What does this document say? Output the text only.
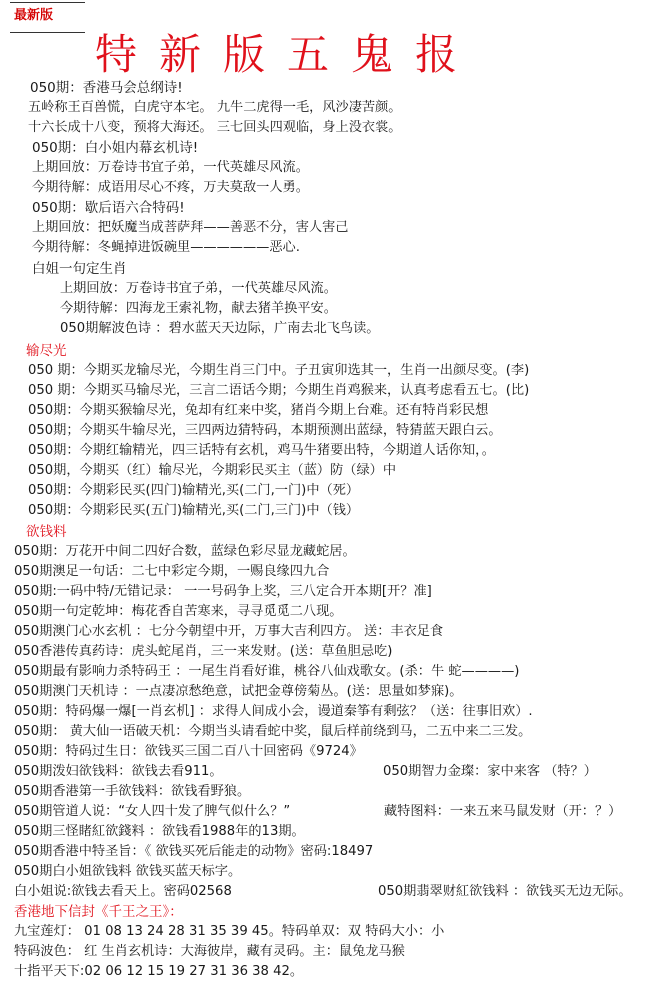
最新版
特新版五鬼报
050期：香港马会总纲诗!
五岭称王百兽慌，白虎守本宅。 九牛二虎得一毛，风沙凄苦颜。
十六长成十八变，预将大海还。 三七回头四观临，身上没衣裳。
050期：白小姐内幕玄机诗!
上期回放：万卷诗书宜子弟，一代英雄尽风流。
今期待解：成语用尽心不疼，万夫莫敌一人勇。
050期：歇后语六合特码!
上期回放：把妖魔当成菩萨拜——善恶不分，害人害己
今期待解：冬蝇掉进饭碗里——————恶心.
白姐一句定生肖
上期回放：万卷诗书宜子弟，一代英雄尽风流。
今期待解：四海龙王索礼物，献去猪羊换平安。
050期解波色诗 ：碧水蓝天天边际，广南去北飞鸟读。
输尽光
050 期：今期买龙输尽光，今期生肖三门中。子丑寅卯选其一，生肖一出颜尽变。(李)
050 期：今期买马输尽光，三言二语话今期；今期生肖鸡猴来，认真考虑看五七。(比)
050期：今期买猴输尽光，兔却有红来中奖，猪肖今期上台难。还有特肖彩民想
050期；今期买牛输尽光，三四两边猜特码，本期预测出蓝绿，特猜蓝天跟白云。
050期：今期红输精光，四三话特有玄机，鸡马牛猪要出特，今期道人话你知，。
050期，今期买（红）输尽光，今期彩民买主（蓝）防（绿）中
050期：今期彩民买(四门)输精光,买(二门,一门)中（死）
050期：今期彩民买(五门)输精光,买(二门,三门)中（钱）
欲钱料
050期：万花开中间二四好合数，蓝绿色彩尽显龙藏蛇居。
050期澳足一句话：二七中彩定今期，一赐良缘四九合
050期:一码中特/无错记录： 一一号码争上奖，三八定合开本期[开？准]
050期一句定乾坤：梅花香自苦寒来，寻寻觅觅二八现。
050期澳门心水玄机 ：七分今朝望中开，万事大吉利四方。 送：丰衣足食
050香港传真药诗：虎头蛇尾肖，三一来发财。(送：草鱼胆忌吃)
050期最有影响力杀特码王 ：一尾生肖看好谁，桃谷八仙戏歌女。(杀：牛 蛇————)
050期澳门天机诗 ：一点凄凉愁绝意，试把金尊傍菊丛。(送：思量如梦寐)。
050期：特码爆一爆[一肖玄机] ：求得人间成小会，谩道秦筝有剩弦？（送：往事旧欢）.
050期： 黄大仙一语破天机：今期当头请看蛇中奖，鼠后样前绕到马，二五中来二三发。
050期：特码过生日：欲钱买三国二百八十回密码《9724》
050期泼妇欲钱料：欲钱去看911。	050期智力金璨：家中来客 （特？）
050期香港第一手欲钱料：欲钱看野狼。
050期管道人说：“女人四十发了脾气似什么？”	藏特图料：一来五来马鼠发财（开：？）
050期三怪睹紅欲錢料 ：欲钱看1988年的13期。
050期香港中特圣旨：《 欲钱买死后能走的动物》密码:18497
050期白小姐欲钱料 欲钱买蓝天标字。
白小姐说:欲钱去看天上。密码02568	050期翡翠财紅欲钱料 ：欲钱买无边无际。
香港地下信封《千王之王》：
九宝莲灯： 01 08 13 24 28 31 35 39 45。特码单双：双 特码大小：小
特码波色： 红 生肖玄机诗：大海彼岸，藏有灵码。主：鼠兔龙马猴
十指平天下:02 06 12 15 19 27 31 36 38 42。
